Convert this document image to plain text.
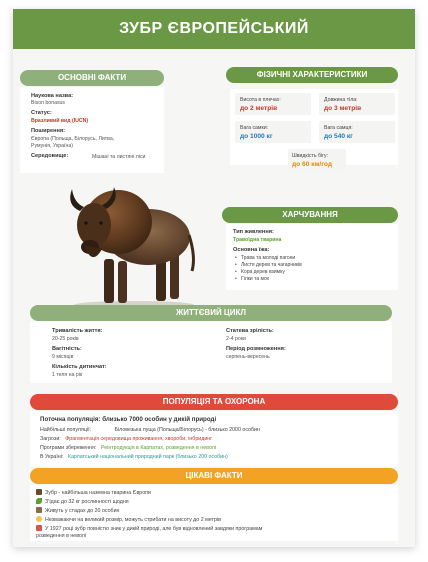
ЗУБР ЄВРОПЕЙСЬКИЙ
ОСНОВНІ ФАКТИ
Наукова назва:
Bison bonasus
Статус:
Вразливий вид (IUCN)
Поширення:
Європа (Польща, Білорусь, Литва, Румунія, Україна)
Середовище:	Мішані та листяні ліси
ФІЗИЧНІ ХАРАКТЕРИСТИКИ
Висота в плечах:
до 2 метрів
Довжина тіла:
до 3 метрів
Вага самки:
до 1000 кг
Вага самця:
до 540 кг
Швидкість бігу:
до 60 км/год
ХАРЧУВАННЯ
Тип живлення:
Травоїдна тварина
Основна їжа:
• Трава та молоді пагони
• Листя дерев та чагарників
• Кора дерев взимку
• Гілки та мох
ЖИТТЄВИЙ ЦИКЛ
Тривалість життя:
20-25 років
Вагітність:
9 місяців
Кількість дитинчат:
1 теля на рік
Статева зрілість:
2-4 роки
Період розмноження:
серпень-вересень
ПОПУЛЯЦІЯ ТА ОХОРОНА
Поточна популяція: близько 7000 особин у дикій природі
Найбільші популяції:	Біловезька пуща (Польща/Білорусь) - близько 2000 особин
Загрози: Фрагментація середовища проживання, хвороби, інбридинг
Програми збереження: Реінтродукція в Карпатах, розведення в неволі
В Україні: Карпатський національний природний парк (близько 200 особин)
ЦІКАВІ ФАКТИ
Зубр - найбільша наземна тварина Європи
З'їдає до 32 кг рослинності щодня
Живуть у стадах до 20 особин
Незважаючи на великий розмір, можуть стрибати на висоту до 2 метрів
У 1927 році зубр повністю зник у дикій природі, але був відновлений завдяки програмам розведення в неволі
